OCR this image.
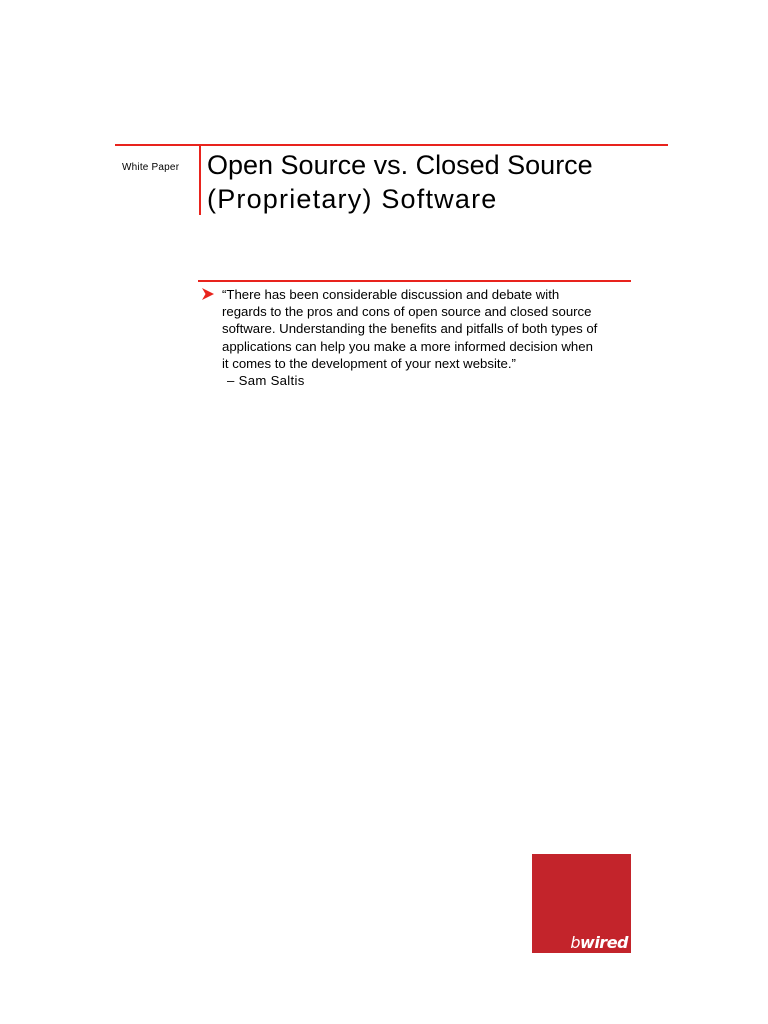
White Paper Open Source vs. Closed Source
(Proprietary) Software

“There has been considerable discussion and debate with
regards to the pros and cons of open source and closed source
software. Understanding the benefits and pitfalls of both types of
applications can help you make a more informed decision when
it comes to the development of your next website.”
– Sam Saltis

bwired
